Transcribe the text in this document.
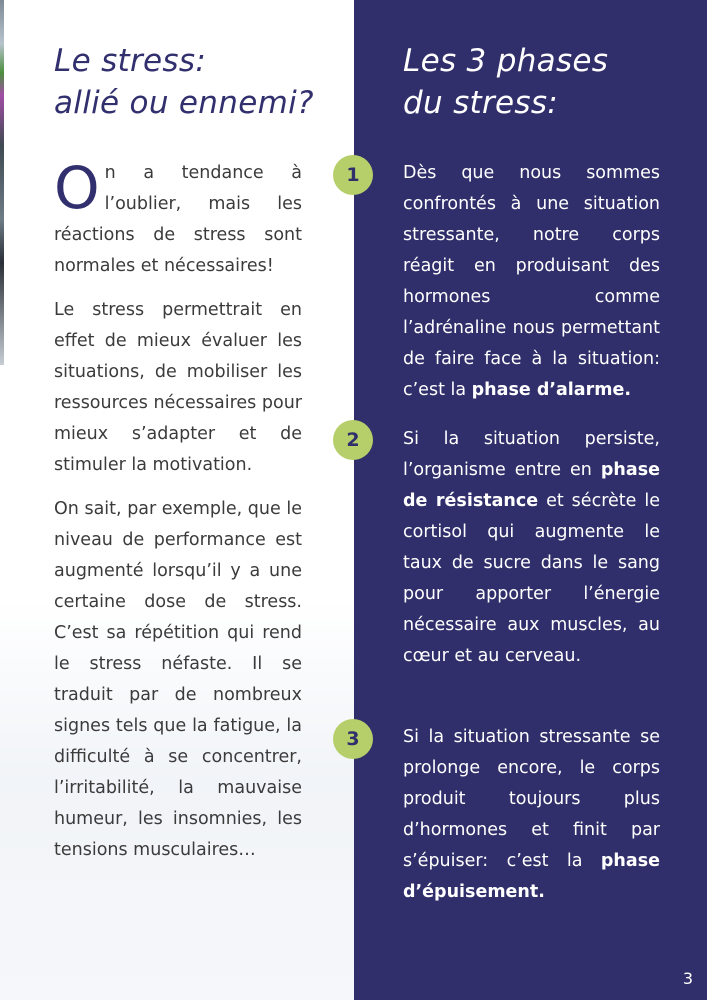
Le stress:
allié ou ennemi?

On a tendance à l’oublier, mais les réactions de stress sont normales et nécessaires!

Le stress permettrait en effet de mieux évaluer les situations, de mobiliser les ressources nécessaires pour mieux s’adapter et de stimuler la motivation.

On sait, par exemple, que le niveau de performance est augmenté lorsqu’il y a une certaine dose de stress. C’est sa répétition qui rend le stress néfaste. Il se traduit par de nombreux signes tels que la fatigue, la difficulté à se concentrer, l’irritabilité, la mauvaise humeur, les insomnies, les tensions musculaires…

Les 3 phases
du stress:
1	Dès que nous sommes confrontés à une situation stressante, notre corps réagit en produisant des hormones comme l’adrénaline nous permettant de faire face à la situation: c’est la phase d’alarme.
2	Si la situation persiste, l’organisme entre en phase de résistance et sécrète le cortisol qui augmente le taux de sucre dans le sang pour apporter l’énergie nécessaire aux muscles, au cœur et au cerveau.
3	Si la situation stressante se prolonge encore, le corps produit toujours plus d’hormones et finit par s’épuiser: c’est la phase d’épuisement.
3
